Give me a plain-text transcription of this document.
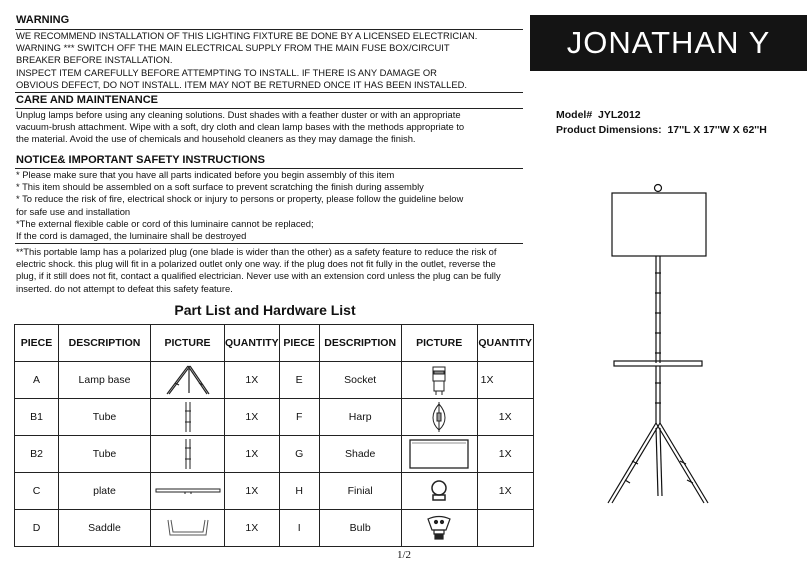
WARNING
WE RECOMMEND INSTALLATION OF THIS LIGHTING FIXTURE BE DONE BY A LICENSED ELECTRICIAN.
WARNING *** SWITCH OFF THE MAIN ELECTRICAL SUPPLY FROM THE MAIN FUSE BOX/CIRCUIT
BREAKER BEFORE INSTALLATION.
INSPECT ITEM CAREFULLY BEFORE ATTEMPTING TO INSTALL. IF THERE IS ANY DAMAGE OR
OBVIOUS DEFECT, DO NOT INSTALL. ITEM MAY NOT BE RETURNED ONCE IT HAS BEEN INSTALLED.
CARE AND MAINTENANCE
Unplug lamps before using any cleaning solutions. Dust shades with a feather duster or with an appropriate
vacuum-brush attachment. Wipe with a soft, dry cloth and clean lamp bases with the methods appropriate to
the material. Avoid the use of chemicals and household cleaners as they may damage the finish.
NOTICE& IMPORTANT SAFETY INSTRUCTIONS
* Please make sure that you have all parts indicated before you begin assembly of this item
* This item should be assembled on a soft surface to prevent scratching the finish during assembly
* To reduce the risk of fire, electrical shock or injury to persons or property, please follow the guideline below
for safe use and installation
*The external flexible cable or cord of this luminaire cannot be replaced;
If the cord is damaged, the luminaire shall be destroyed
**This portable lamp has a polarized plug (one blade is wider than the other) as a safety feature to reduce the risk of
electric shock. this plug will fit in a polarized outlet only one way. if the plug does not fit fully in the outlet, reverse the
plug, if it still does not fit, contact a qualified electrician. Never use with an extension cord unless the plug can be fully
inserted. do not attempt to defeat this safety feature.
JONATHAN Y
Model# JYL2012
Product Dimensions: 17''L X 17''W X 62''H
Part List and Hardware List
PIECE	DESCRIPTION	PICTURE	QUANTITY	PIECE	DESCRIPTION	PICTURE	QUANTITY
A	Lamp base		1X	E	Socket		1X
B1	Tube		1X	F	Harp		1X
B2	Tube		1X	G	Shade		1X
C	plate		1X	H	Finial		1X
D	Saddle		1X	I	Bulb	

1/2
